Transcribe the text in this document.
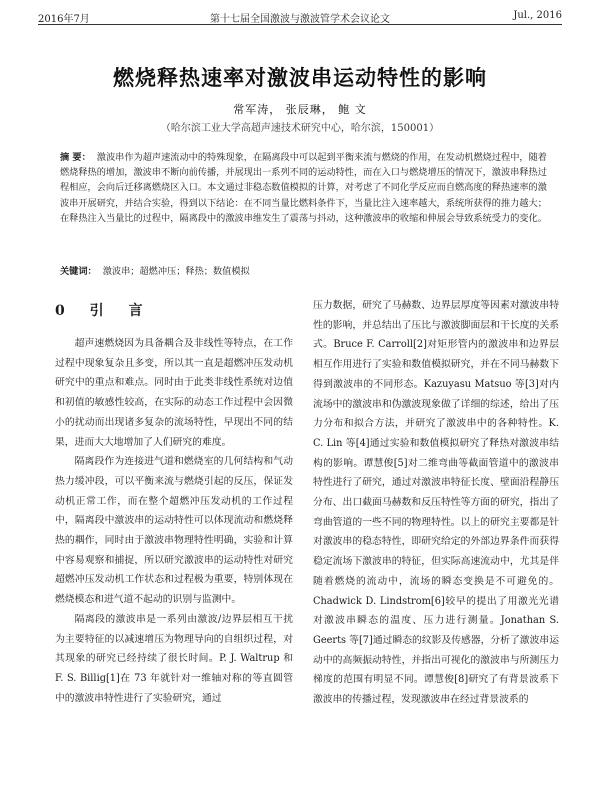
2016年7月	第十七届全国激波与激波管学术会议论文	Jul., 2016
燃烧释热速率对激波串运动特性的影响
常军涛， 张辰琳， 鲍 文
（哈尔滨工业大学高超声速技术研究中心，哈尔滨，150001）
摘 要： 激波串作为超声速流动中的特殊现象，在隔离段中可以起到平衡来流与燃烧的作用，在发动机燃烧过程中，随着燃烧释热的增加，激波串不断向前传播，并展现出一系列不同的运动特性，而在入口与燃烧增压的情况下，激波串释热过程相应，会向后迁移离燃烧区入口。本文通过非稳态数值模拟的计算，对考虑了不同化学反应而自燃高度的释热速率的激波串开展研究，并结合实验，得到以下结论：在不同当量比燃料条件下，当量比注入速率越大，系统所获得的推力越大；在释热注入当量比的过程中，隔离段中的激波串维发生了震荡与抖动，这种激波串的收缩和伸展会导致系统受力的变化。
关键词： 激波串；超燃冲压；释热；数值模拟
0 引 言

超声速燃烧因为具备耦合及非线性等特点，在工作过程中现象复杂且多变，所以其一直是超燃冲压发动机研究中的重点和难点。同时由于此类非线性系统对边值和初值的敏感性较高，在实际的动态工作过程中会因微小的扰动而出现诸多复杂的流场特性，早现出不同的结果，进而大大地增加了人们研究的难度。

隔离段作为连接进气道和燃烧室的几何结构和气动热力缓冲段，可以平衡来流与燃烧引起的反压，保证发动机正常工作，而在整个超燃冲压发动机的工作过程中，隔离段中激波串的运动特性可以体现流动和燃烧释热的耦作，同时由于激波串物理特性明确，实验和计算中容易观察和捕捉，所以研究激波串的运动特性对研究超燃冲压发动机工作状态和过程极为重要，特别体现在燃烧模态和进气道不起动的识别与监测中。

隔离段的激波串是一系列由激波/边界层相互干扰为主要特征的以减速增压为物理导向的自组织过程，对其现象的研究已经持续了很长时间。P. J. Waltrup 和 F. S. Billig[1]在 73 年就针对一维轴对称的等直圆管中的激波串特性进行了实验研究，通过

压力数据，研究了马赫数、边界层厚度等因素对激波串特性的影响，并总结出了压比与激波脚面层和干长度的关系式。Bruce F. Carroll[2]对矩形管内的激波串和边界层相互作用进行了实验和数值模拟研究，并在不同马赫数下得到激波串的不同形态。Kazuyasu Matsuo 等[3]对内流场中的激波串和伪激波现象做了详细的综述，给出了压力分布和拟合方法，并研究了激波串中的各种特性。K. C. Lin 等[4]通过实验和数值模拟研究了释热对激波串结构的影响。谭慧俊[5]对二维弯曲等截面管道中的激波串特性进行了研究，通过对激波串特征长度、壁面沿程静压分布、出口截面马赫数和反压特性等方面的研究，指出了弯曲管道的一些不同的物理特性。以上的研究主要都是针对激波串的稳态特性，即研究给定的外部边界条件而获得稳定流场下激波串的特征，但实际高速流动中，尤其是伴随着燃烧的流动中，流场的瞬态变换是不可避免的。Chadwick D. Lindstrom[6]较早的提出了用激光光谱对激波串瞬态的温度、压力进行测量。Jonathan S. Geerts 等[7]通过瞬态的纹影及传感器，分析了激波串运动中的高频振动特性，并指出可视化的激波串与所测压力梯度的范围有明显不同。谭慧俊[8]研究了有背景波系下激波串的传播过程，发现激波串在经过背景波系的
